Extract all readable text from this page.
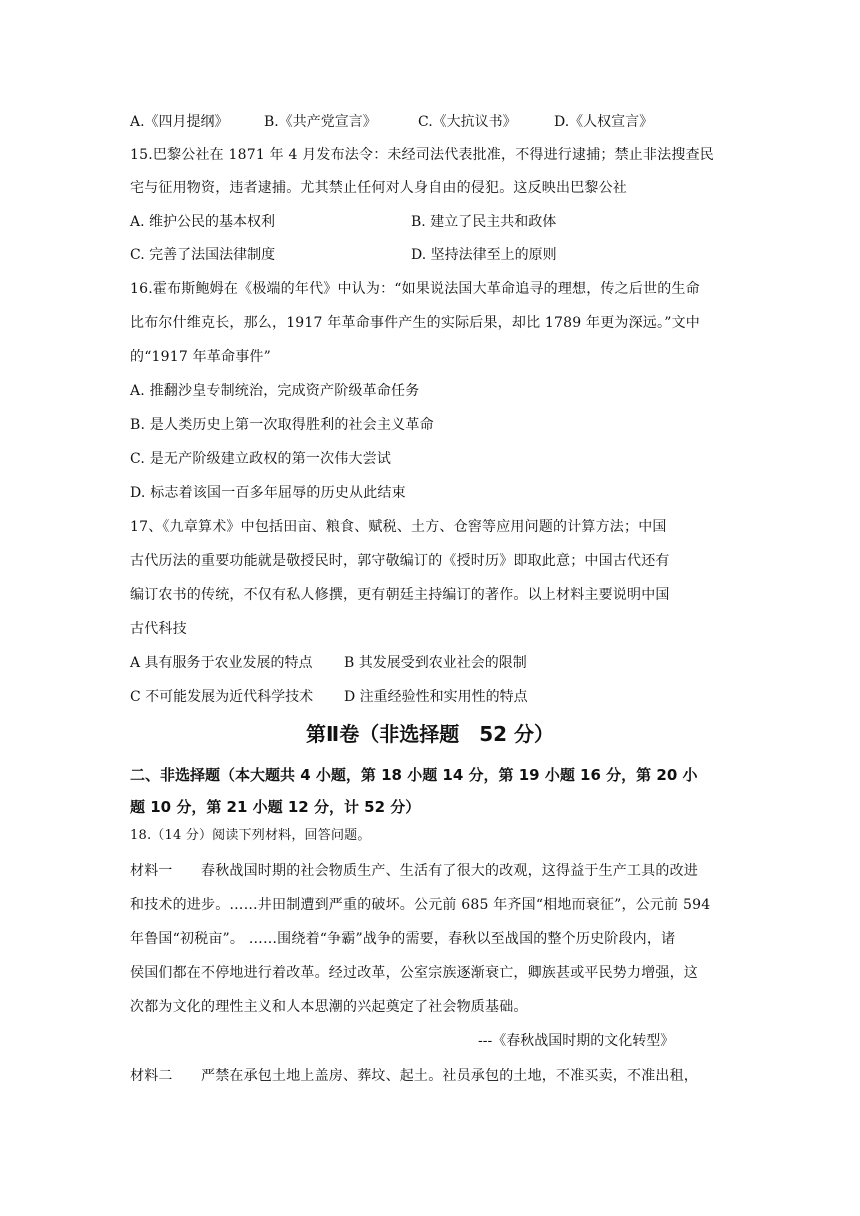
A.《四月提纲》	B.《共产党宣言》	C.《大抗议书》	D.《人权宣言》
15.巴黎公社在 1871 年 4 月发布法令：未经司法代表批准，不得进行逮捕；禁止非法搜查民
宅与征用物资，违者逮捕。尤其禁止任何对人身自由的侵犯。这反映出巴黎公社
A. 维护公民的基本权利	B. 建立了民主共和政体
C. 完善了法国法律制度	D. 坚持法律至上的原则
16.霍布斯鲍姆在《极端的年代》中认为：“如果说法国大革命追寻的理想，传之后世的生命
比布尔什维克长，那么，1917 年革命事件产生的实际后果，却比 1789 年更为深远。”文中
的“1917 年革命事件”
A. 推翻沙皇专制统治，完成资产阶级革命任务
B. 是人类历史上第一次取得胜利的社会主义革命
C. 是无产阶级建立政权的第一次伟大尝试
D. 标志着该国一百多年屈辱的历史从此结束
17、《九章算术》中包括田亩、粮食、赋税、土方、仓窖等应用问题的计算方法；中国
古代历法的重要功能就是敬授民时，郭守敬编订的《授时历》即取此意；中国古代还有
编订农书的传统，不仅有私人修撰，更有朝廷主持编订的著作。以上材料主要说明中国
古代科技
A 具有服务于农业发展的特点 B 其发展受到农业社会的限制
C 不可能发展为近代科学技术 D 注重经验性和实用性的特点
第Ⅱ卷（非选择题　52 分）
二、非选择题（本大题共 4 小题，第 18 小题 14 分，第 19 小题 16 分，第 20 小
题 10 分，第 21 小题 12 分，计 52 分）
18.（14 分）阅读下列材料，回答问题。
材料一　　春秋战国时期的社会物质生产、生活有了很大的改观，这得益于生产工具的改进
和技术的进步。……井田制遭到严重的破坏。公元前 685 年齐国“相地而衰征”，公元前 594
年鲁国“初税亩”。 ……围绕着“争霸”战争的需要，春秋以至战国的整个历史阶段内，诸
侯国们都在不停地进行着改革。经过改革，公室宗族逐渐衰亡，卿族甚或平民势力增强，这
次都为文化的理性主义和人本思潮的兴起奠定了社会物质基础。
---《春秋战国时期的文化转型》
材料二　　严禁在承包土地上盖房、葬坟、起土。社员承包的土地，不准买卖，不准出租，
